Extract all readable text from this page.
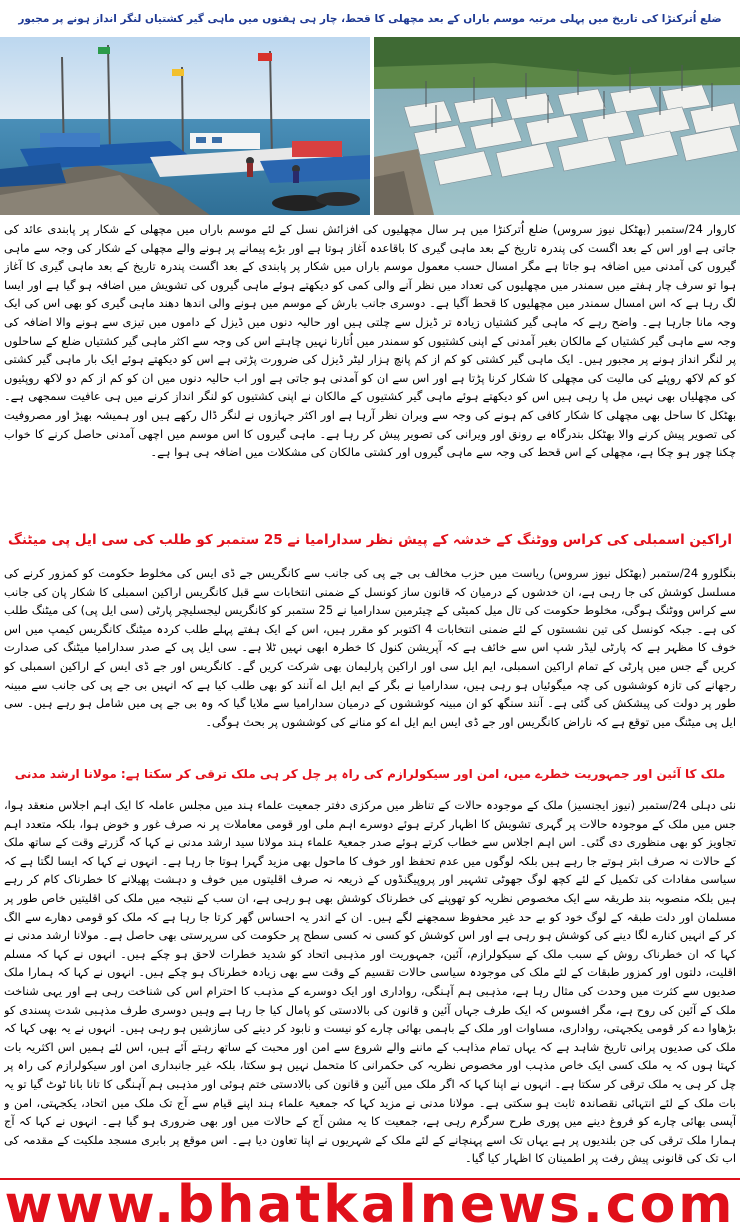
ضلع اُترکنڑا کی تاریخ میں پہلی مرتبہ موسم باراں کے بعد مچھلی کا قحط، چار ہی ہفتوں میں ماہی گیر کشتیاں لنگر انداز ہونے پر مجبور

کاروار 24/ستمبر (بھٹکل نیوز سروس) ضلع اُترکنڑا میں ہر سال مچھلیوں کی افزائش نسل کے لئے موسم باراں میں مچھلی کے شکار پر پابندی عائد کی جاتی ہے اور اس کے بعد اگست کی پندرہ تاریخ کے بعد ماہی گیری کا باقاعدہ آغاز ہوتا ہے اور بڑے پیمانے پر ہونے والے مچھلی کے شکار کی وجہ سے ماہی گیروں کی آمدنی میں اضافہ ہو جاتا ہے مگر امسال حسب معمول موسم باراں میں شکار پر پابندی کے بعد اگست پندرہ تاریخ کے بعد ماہی گیری کا آغاز ہوا تو سرف چار ہفتے میں سمندر میں مچھلیوں کی تعداد میں نظر آنے والی کمی کو دیکھتے ہوئے ماہی گیروں کی تشویش میں اضافہ ہو گیا ہے اور ایسا لگ رہا ہے کہ اس امسال سمندر میں مچھلیوں کا قحط آگیا ہے۔ دوسری جانب بارش کے موسم میں ہونے والی اندھا دھند ماہی گیری کو بھی اس کی ایک وجہ مانا جارہا ہے۔ واضح رہے کہ ماہی گیر کشتیاں زیادہ تر ڈیزل سے چلتی ہیں اور حالیہ دنوں میں ڈیزل کے داموں میں تیزی سے ہونے والا اضافہ کی وجہ سے ماہی گیر کشتیاں کے مالکان بغیر آمدنی کے اپنی کشتیوں کو سمندر میں اُتارنا نہیں چاہتے اس کی وجہ سے اکثر ماہی گیر کشتیاں ضلع کے ساحلوں پر لنگر انداز ہونے پر مجبور ہیں۔ ایک ماہی گیر کشتی کو کم از کم پانچ ہزار لیٹر ڈیزل کی ضرورت پڑتی ہے اس کو دیکھتے ہوئے ایک بار ماہی گیر کشتی کو کم لاکھ روپئے کی مالیت کی مچھلی کا شکار کرنا پڑتا ہے اور اس سے ان کو آمدنی ہو جاتی ہے اور اب حالیہ دنوں میں ان کو کم از کم دو لاکھ روپئیوں کی مچھلیاں بھی نہیں مل پا رہی ہیں اس کو دیکھتے ہوئے ماہی گیر کشتیوں کے مالکان نے اپنی کشتیوں کو لنگر انداز کرنے میں ہی عافیت سمجھی ہے۔ بھٹکل کا ساحل بھی مچھلی کا شکار کافی کم ہونے کی وجہ سے ویران نظر آرہا ہے اور اکثر جہازوں نے لنگر ڈال رکھے ہیں اور ہمیشہ بھیڑ اور مصروفیت کی تصویر پیش کرنے والا بھٹکل بندرگاہ بے رونق اور ویرانی کی تصویر پیش کر رہا ہے۔ ماہی گیروں کا اس موسم میں اچھی آمدنی حاصل کرنے کا خواب چکنا چور ہو چکا ہے، مچھلی کے اس قحط کی وجہ سے ماہی گیروں اور کشتی مالکان کی مشکلات میں اضافہ ہی ہوا ہے۔

اراکین اسمبلی کی کراس ووٹنگ کے خدشہ کے پیش نظر سدارامیا نے 25 ستمبر کو طلب کی سی ایل پی میٹنگ

بنگلورو 24/ستمبر (بھٹکل نیوز سروس) ریاست میں حزب مخالف بی جے پی کی جانب سے کانگریس جے ڈی ایس کی مخلوط حکومت کو کمزور کرنے کی مسلسل کوشش کی جا رہی ہے، ان خدشوں کے درمیان کہ قانون ساز کونسل کے ضمنی انتخابات سے قبل کانگریس اراکین اسمبلی کا شکار پان کی جانب سے کراس ووٹنگ ہوگی، مخلوط حکومت کی تال میل کمیٹی کے چیئرمین سدارامیا نے 25 ستمبر کو کانگریس لیجسلیچر پارٹی (سی ایل پی) کی میٹنگ طلب کی ہے۔ جبکہ کونسل کی تین نشستوں کے لئے ضمنی انتخابات 4 اکتوبر کو مقرر ہیں، اس کے ایک ہفتے پہلے طلب کردہ میٹنگ کانگریس کیمپ میں اس خوف کا مظہر ہے کہ پارٹی لیڈر شپ اس سے خائف ہے کہ آپریشن کنول کا خطرہ ابھی نہیں ٹلا ہے۔ سی ایل پی کے صدر سدارامیا میٹنگ کی صدارت کریں گے جس میں پارٹی کے تمام اراکین اسمبلی، ایم ایل سی اور اراکین پارلیمان بھی شرکت کریں گے۔ کانگریس اور جے ڈی ایس کے اراکین اسمبلی کو رجھانے کی تازہ کوششوں کی چہ میگوئیاں ہو رہی ہیں، سدارامیا نے بگر کے ایم ایل اے آنند کو بھی طلب کیا ہے کہ انہیں بی جے پی کی جانب سے مبینہ طور پر دولت کی پیشکش کی گئی ہے۔ آنند سنگھ کو ان مبینہ کوششوں کے درمیان سدارامیا سے ملایا گیا کہ وہ بی جے پی میں شامل ہو رہے ہیں۔ سی ایل پی میٹنگ میں توقع ہے کہ ناراض کانگریس اور جے ڈی ایس ایم ایل اے کو منانے کی کوششوں پر بحث ہوگی۔

ملک کا آئین اور جمہوریت خطرے میں، امن اور سیکولرازم کی راہ پر چل کر ہی ملک ترقی کر سکتا ہے: مولانا ارشد مدنی

نئی دہلی 24/ستمبر (نیوز ایجنسیز) ملک کے موجودہ حالات کے تناظر میں مرکزی دفتر جمعیت علماء ہند میں مجلس عاملہ کا ایک اہم اجلاس منعقد ہوا، جس میں ملک کے موجودہ حالات پر گہری تشویش کا اظہار کرتے ہوئے دوسرے اہم ملی اور قومی معاملات پر نہ صرف غور و خوض ہوا، بلکہ متعدد اہم تجاویز کو بھی منظوری دی گئی۔ اس اہم اجلاس سے خطاب کرتے ہوئے صدر جمعیۃ علماء ہند مولانا سید ارشد مدنی نے کہا کہ گزرتے وقت کے ساتھ ملک کے حالات نہ صرف ابتر ہوتے جا رہے ہیں بلکہ لوگوں میں عدم تحفظ اور خوف کا ماحول بھی مزید گہرا ہوتا جا رہا ہے۔ انہوں نے کہا کہ ایسا لگتا ہے کہ سیاسی مفادات کی تکمیل کے لئے کچھ لوگ جھوٹی تشہیر اور پروپیگنڈوں کے ذریعہ نہ صرف اقلیتوں میں خوف و دہشت پھیلانے کا خطرناک کام کر رہے ہیں بلکہ منصوبہ بند طریقہ سے ایک مخصوص نظریہ کو تھوپنے کی خطرناک کوشش بھی ہو رہی ہے، ان سب کے نتیجہ میں ملک کی اقلیتیں خاص طور پر مسلمان اور دلت طبقہ کے لوگ خود کو بے حد غیر محفوظ سمجھنے لگے ہیں۔ ان کے اندر یہ احساس گھر کرتا جا رہا ہے کہ ملک کو قومی دھارے سے الگ کر کے انہیں کنارے لگا دینے کی کوشش ہو رہی ہے اور اس کوشش کو کسی نہ کسی سطح پر حکومت کی سرپرستی بھی حاصل ہے۔ مولانا ارشد مدنی نے کہا کہ ان خطرناک روش کے سبب ملک کے سیکولرازم، آئین، جمہوریت اور مذہبی اتحاد کو شدید خطرات لاحق ہو چکے ہیں۔ انہوں نے کہا کہ مسلم اقلیت، دلتوں اور کمزور طبقات کے لئے ملک کی موجودہ سیاسی حالات تقسیم کے وقت سے بھی زیادہ خطرناک ہو چکے ہیں۔ انہوں نے کہا کہ ہمارا ملک صدیوں سے کثرت میں وحدت کی مثال رہا ہے، مذہبی ہم آہنگی، رواداری اور ایک دوسرے کے مذہب کا احترام اس کی شناخت رہی ہے اور یہی شناخت ملک کے آئین کی روح ہے، مگر افسوس کہ ایک طرف جہاں آئین و قانون کی بالادستی کو پامال کیا جا رہا ہے وہیں دوسری طرف مذہبی شدت پسندی کو بڑھاوا دے کر قومی یکجہتی، رواداری، مساوات اور ملک کے باہمی بھائی چارے کو نیست و نابود کر دینے کی سازشیں ہو رہی ہیں۔ انہوں نے یہ بھی کہا کہ ملک کی صدیوں پرانی تاریخ شاہد ہے کہ یہاں تمام مذاہب کے ماننے والے شروع سے امن اور محبت کے ساتھ رہتے آئے ہیں، اس لئے ہمیں اس اکثریہ بات کہتا ہوں کہ یہ ملک کسی ایک خاص مذہب اور مخصوص نظریہ کی حکمرانی کا متحمل نہیں ہو سکتا، بلکہ غیر جانبداری امن اور سیکولرازم کی راہ پر چل کر ہی یہ ملک ترقی کر سکتا ہے۔ انہوں نے اپنا کہا کہ اگر ملک میں آئین و قانون کی بالادستی ختم ہوئی اور مذہبی ہم آہنگی کا تانا بانا ٹوٹ گیا تو یہ بات ملک کے لئے انتہائی نقصاندہ ثابت ہو سکتی ہے۔ مولانا مدنی نے مزید کہا کہ جمعیۃ علماء ہند اپنے قیام سے آج تک ملک میں اتحاد، یکجہتی، امن و آپسی بھائی چارے کو فروغ دینے میں پوری طرح سرگرم رہی ہے، جمعیت کا یہ مشن آج کے حالات میں اور بھی ضروری ہو گیا ہے۔ انہوں نے کہا کہ آج ہمارا ملک ترقی کی جن بلندیوں پر ہے یہاں تک اسے پہنچانے کے لئے ملک کے شہریوں نے اپنا تعاون دیا ہے۔ اس موقع پر بابری مسجد ملکیت کے مقدمہ کی اب تک کی قانونی پیش رفت پر اطمینان کا اظہار کیا گیا۔

www.bhatkalnews.com
